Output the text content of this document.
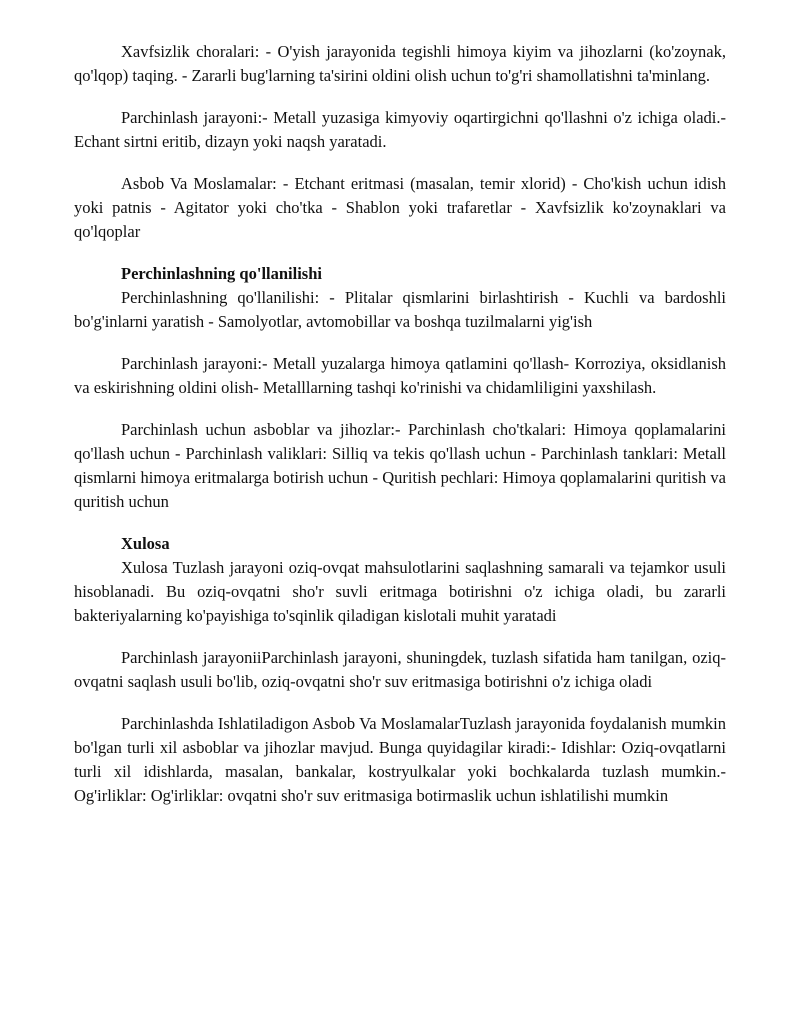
Xavfsizlik choralari: - O'yish jarayonida tegishli himoya kiyim va jihozlarni (ko'zoynak, qo'lqop) taqing. - Zararli bug'larning ta'sirini oldini olish uchun to'g'ri shamollatishni ta'minlang.

Parchinlash jarayoni:- Metall yuzasiga kimyoviy oqartirgichni qo'llashni o'z ichiga oladi.- Echant sirtni eritib, dizayn yoki naqsh yaratadi.

Asbob Va Moslamalar: - Etchant eritmasi (masalan, temir xlorid) - Cho'kish uchun idish yoki patnis - Agitator yoki cho'tka - Shablon yoki trafaretlar - Xavfsizlik ko'zoynaklari va qo'lqoplar

Perchinlashning qo'llanilishi

Perchinlashning qo'llanilishi: - Plitalar qismlarini birlashtirish - Kuchli va bardoshli bo'g'inlarni yaratish - Samolyotlar, avtomobillar va boshqa tuzilmalarni yig'ish

Parchinlash jarayoni:- Metall yuzalarga himoya qatlamini qo'llash- Korroziya, oksidlanish va eskirishning oldini olish- Metalllarning tashqi ko'rinishi va chidamliligini yaxshilash.

Parchinlash uchun asboblar va jihozlar:- Parchinlash cho'tkalari: Himoya qoplamalarini qo'llash uchun - Parchinlash valiklari: Silliq va tekis qo'llash uchun - Parchinlash tanklari: Metall qismlarni himoya eritmalarga botirish uchun - Quritish pechlari: Himoya qoplamalarini quritish va quritish uchun

Xulosa

Xulosa Tuzlash jarayoni oziq-ovqat mahsulotlarini saqlashning samarali va tejamkor usuli hisoblanadi. Bu oziq-ovqatni sho'r suvli eritmaga botirishni o'z ichiga oladi, bu zararli bakteriyalarning ko'payishiga to'sqinlik qiladigan kislotali muhit yaratadi

Parchinlash jarayoniiParchinlash jarayoni, shuningdek, tuzlash sifatida ham tanilgan, oziq-ovqatni saqlash usuli bo'lib, oziq-ovqatni sho'r suv eritmasiga botirishni o'z ichiga oladi

Parchinlashda Ishlatiladigon Asbob Va MoslamalarTuzlash jarayonida foydalanish mumkin bo'lgan turli xil asboblar va jihozlar mavjud. Bunga quyidagilar kiradi:- Idishlar: Oziq-ovqatlarni turli xil idishlarda, masalan, bankalar, kostryulkalar yoki bochkalarda tuzlash mumkin.- Og'irliklar: Og'irliklar: ovqatni sho'r suv eritmasiga botirmaslik uchun ishlatilishi mumkin
